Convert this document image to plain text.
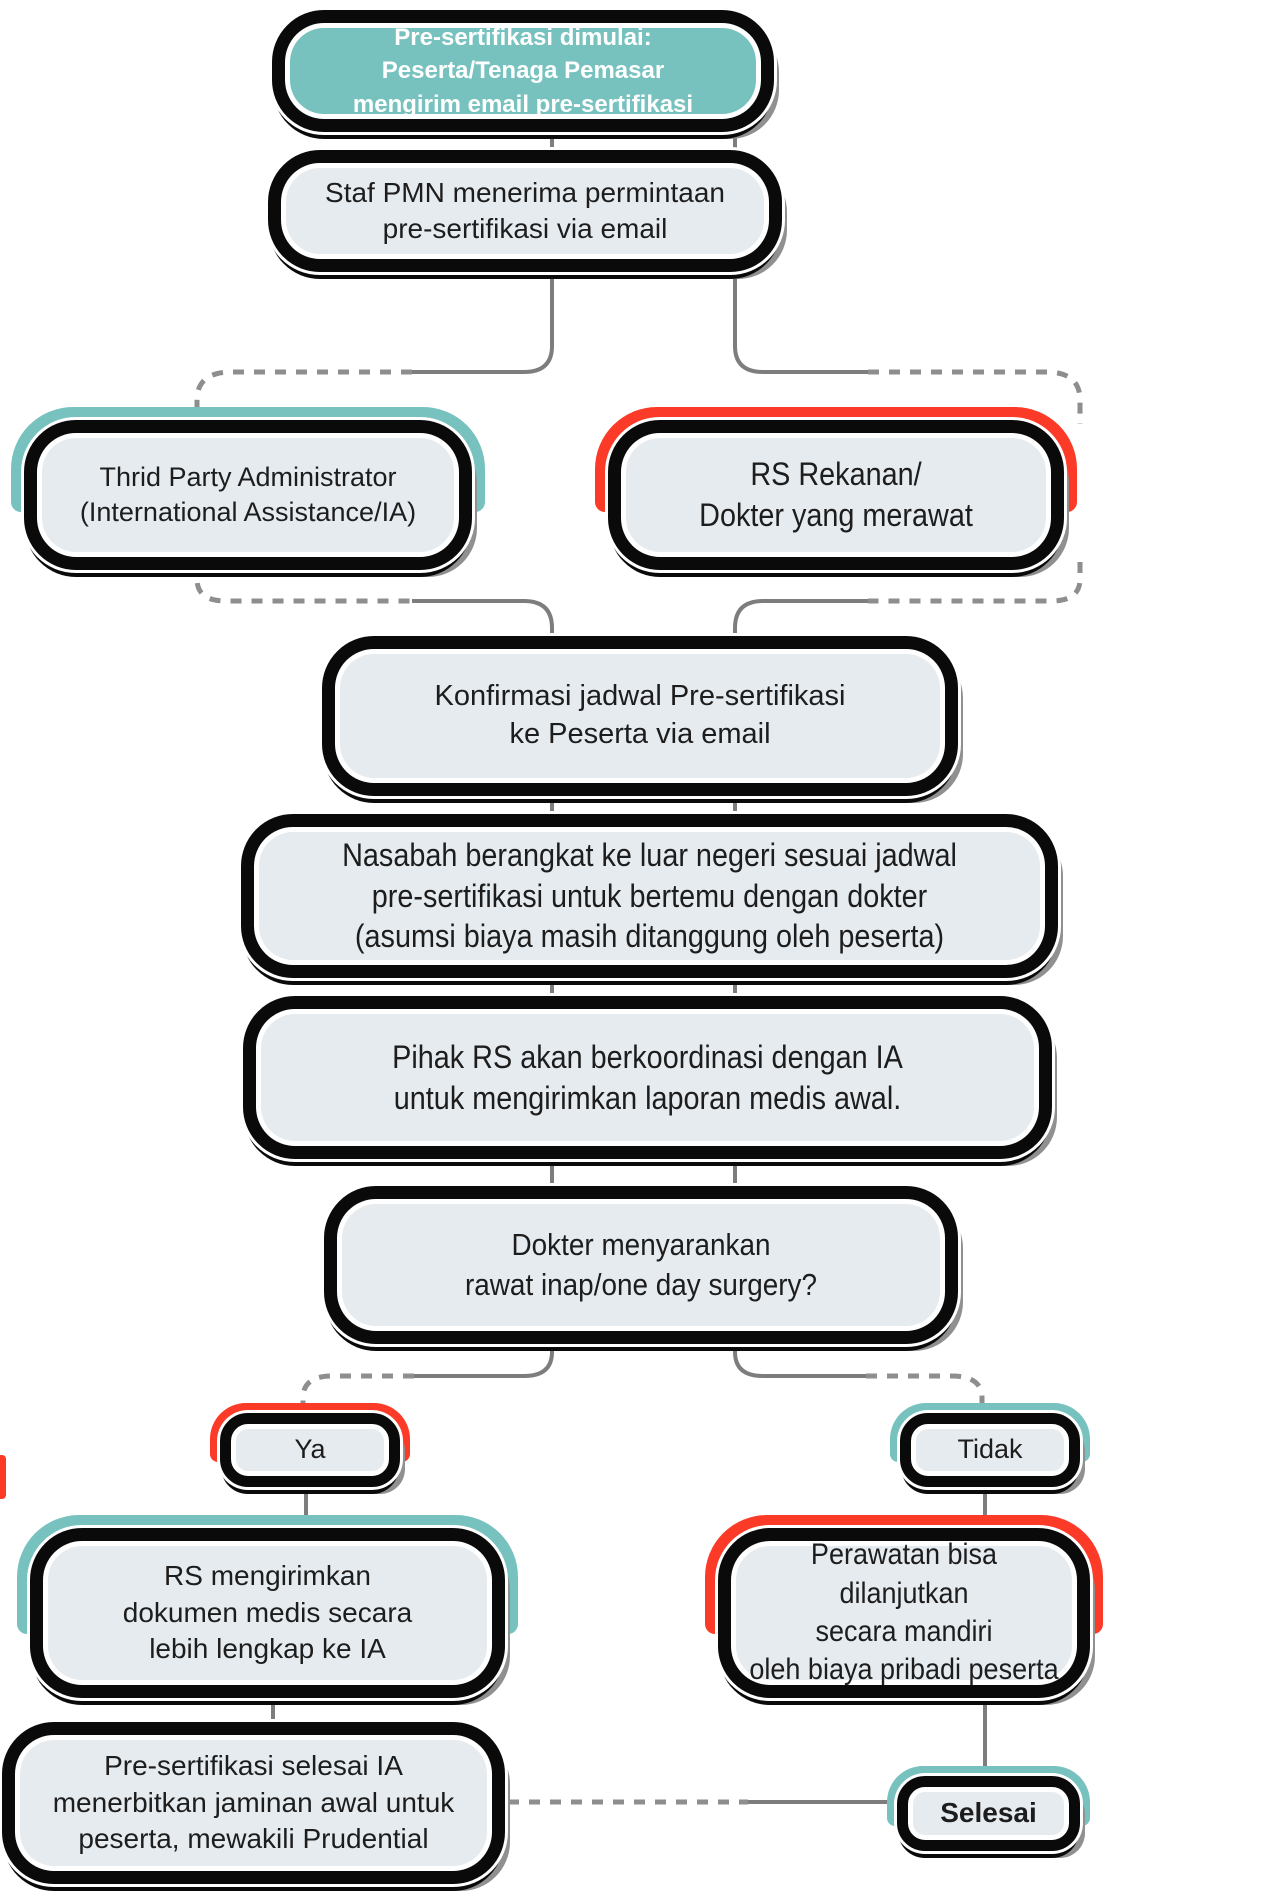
Pre-sertifikasi dimulai:
Peserta/Tenaga Pemasar
mengirim email pre-sertifikasi
Staf PMN menerima permintaan
pre-sertifikasi via email
Thrid Party Administrator
(International Assistance/IA)
RS Rekanan/
Dokter yang merawat
Konfirmasi jadwal Pre-sertifikasi
ke Peserta via email
Nasabah berangkat ke luar negeri sesuai jadwal
pre-sertifikasi untuk bertemu dengan dokter
(asumsi biaya masih ditanggung oleh peserta)
Pihak RS akan berkoordinasi dengan IA
untuk mengirimkan laporan medis awal.
Dokter menyarankan
rawat inap/one day surgery?
Ya	Tidak
RS mengirimkan
dokumen medis secara
lebih lengkap ke IA
Perawatan bisa dilanjutkan
secara mandiri
oleh biaya pribadi peserta
Pre-sertifikasi selesai IA
menerbitkan jaminan awal untuk
peserta, mewakili Prudential
Selesai
